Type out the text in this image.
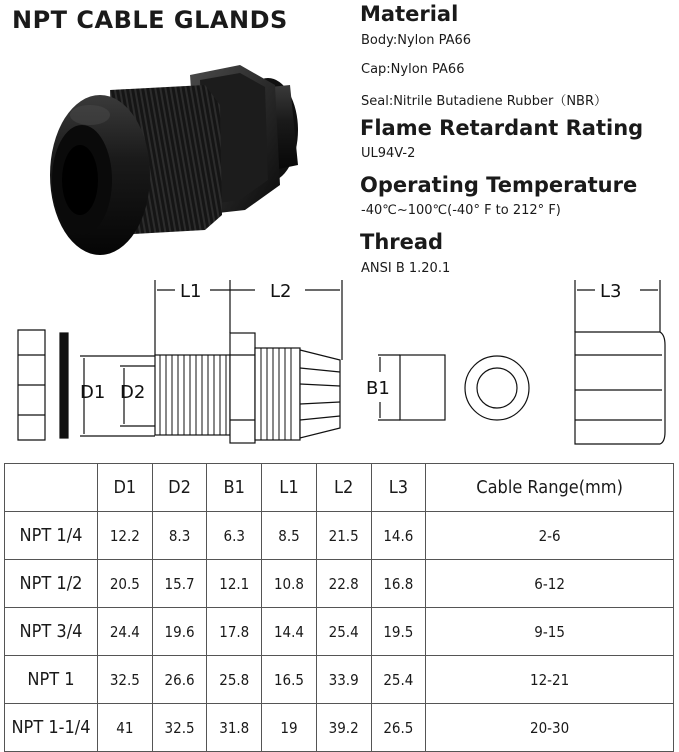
NPT CABLE GLANDS	Material
Body:Nylon PA66
Cap:Nylon PA66
Seal:Nitrile Butadiene Rubber（NBR）
Flame Retardant Rating
UL94V-2
Operating Temperature
-40℃~100℃(-40° F to 212° F)
Thread
ANSI B 1.20.1
L1	L2	L3
D1 D2	B1
	D1	D2	B1	L1	L2	L3	Cable Range(mm)
NPT 1/4	12.2	8.3	6.3	8.5	21.5	14.6	2-6
NPT 1/2	20.5	15.7	12.1	10.8	22.8	16.8	6-12
NPT 3/4	24.4	19.6	17.8	14.4	25.4	19.5	9-15
NPT 1	32.5	26.6	25.8	16.5	33.9	25.4	12-21
NPT 1-1/4	41	32.5	31.8	19	39.2	26.5	20-30
